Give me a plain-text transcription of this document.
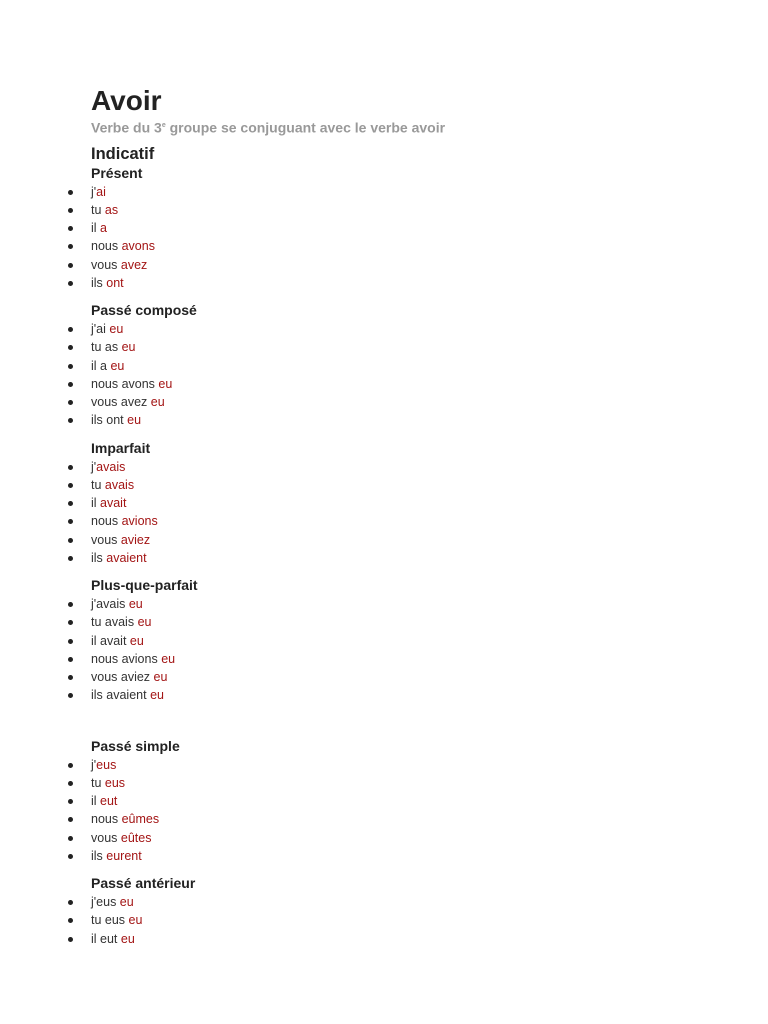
Avoir

Verbe du 3e groupe se conjuguant avec le verbe avoir

Indicatif
Présent
j'ai
tu as
il a
nous avons
vous avez
ils ont
Passé composé
j'ai eu
tu as eu
il a eu
nous avons eu
vous avez eu
ils ont eu
Imparfait
j'avais
tu avais
il avait
nous avions
vous aviez
ils avaient
Plus-que-parfait
j'avais eu
tu avais eu
il avait eu
nous avions eu
vous aviez eu
ils avaient eu
Passé simple
j'eus
tu eus
il eut
nous eûmes
vous eûtes
ils eurent
Passé antérieur
j'eus eu
tu eus eu
il eut eu
